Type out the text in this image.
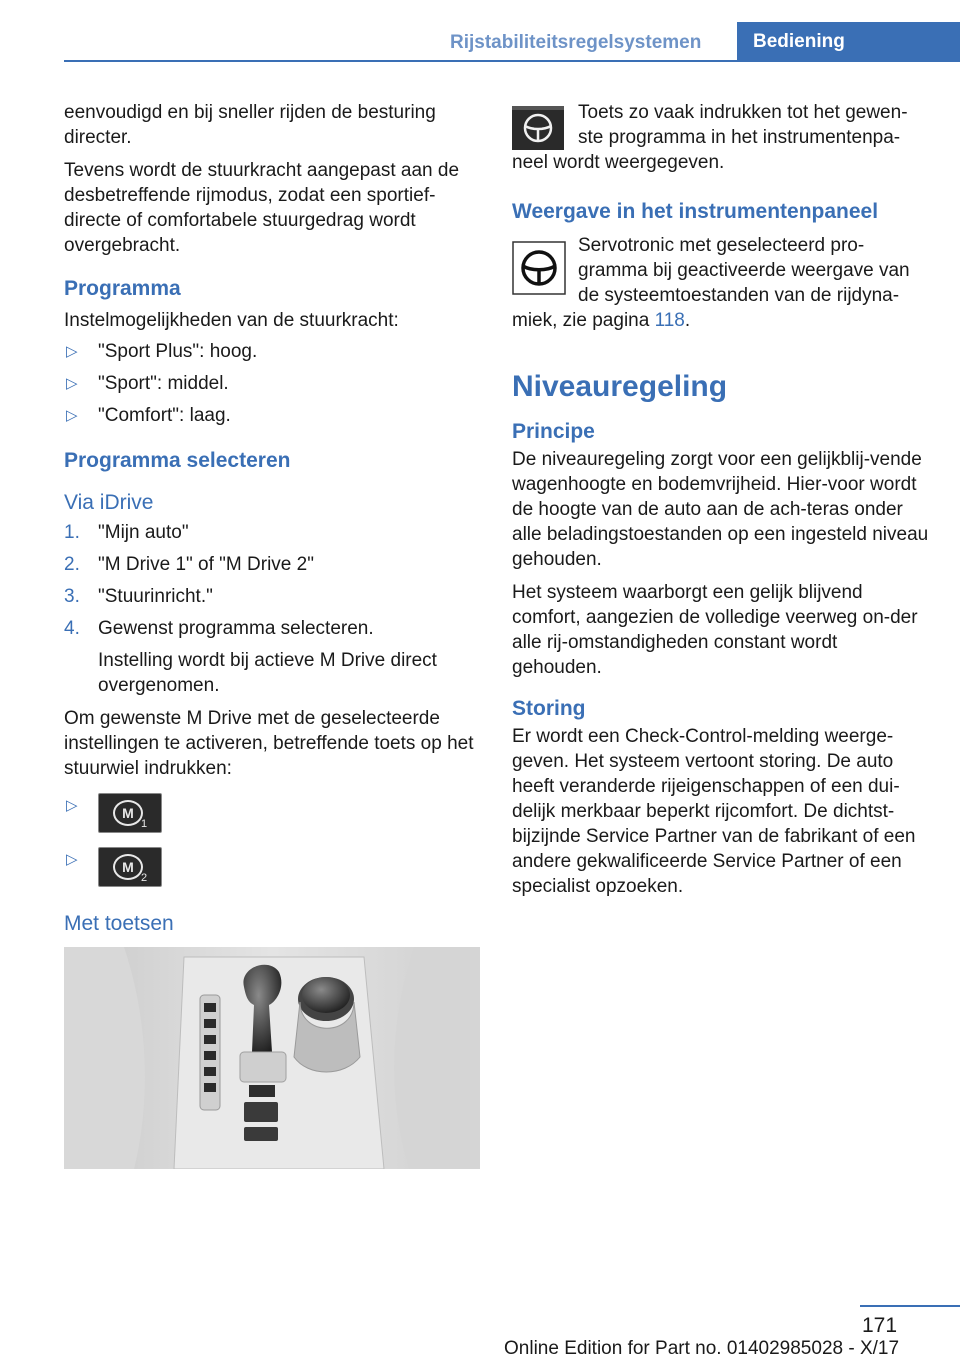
Rijstabiliteitsregelsystemen	Bediening

eenvoudigd en bij sneller rijden de besturing directer.

Tevens wordt de stuurkracht aangepast aan de desbetreffende rijmodus, zodat een sportief-directe of comfortabele stuurgedrag wordt overgebracht.

Programma

Instelmogelijkheden van de stuurkracht:

▷ "Sport Plus": hoog.
▷ "Sport": middel.
▷ "Comfort": laag.
Programma selecteren
Via iDrive
1. "Mijn auto"
2. "M Drive 1" of "M Drive 2"
3. "Stuurinricht."
4. Gewenst programma selecteren.
Instelling wordt bij actieve M Drive direct overgenomen.

Om gewenste M Drive met de geselecteerde instellingen te activeren, betreffende toets op het stuurwiel indrukken:

▷	M
1
▷	M
2
Met toetsen
Toets zo vaak indrukken tot het gewen-ste programma in het instrumentenpa-
neel wordt weergegeven.
Weergave in het instrumentenpaneel
Servotronic met geselecteerd pro-gramma bij geactiveerde weergave van de systeemtoestanden van de rijdyna-
miek, zie pagina 118.
Niveauregeling
Principe

De niveauregeling zorgt voor een gelijkblij-vende wagenhoogte en bodemvrijheid. Hier-voor wordt de hoogte van de auto aan de ach-teras onder alle beladingstoestanden op een ingesteld niveau gehouden.

Het systeem waarborgt een gelijk blijvend comfort, aangezien de volledige veerweg on-der alle rij-omstandigheden constant wordt gehouden.

Storing

Er wordt een Check-Control-melding weerge-geven. Het systeem vertoont storing. De auto heeft veranderde rijeigenschappen of een dui-delijk merkbaar beperkt rijcomfort. De dichtst-bijzijnde Service Partner van de fabrikant of een andere gekwalificeerde Service Partner of een specialist opzoeken.

171
Online Edition for Part no. 01402985028 - X/17
